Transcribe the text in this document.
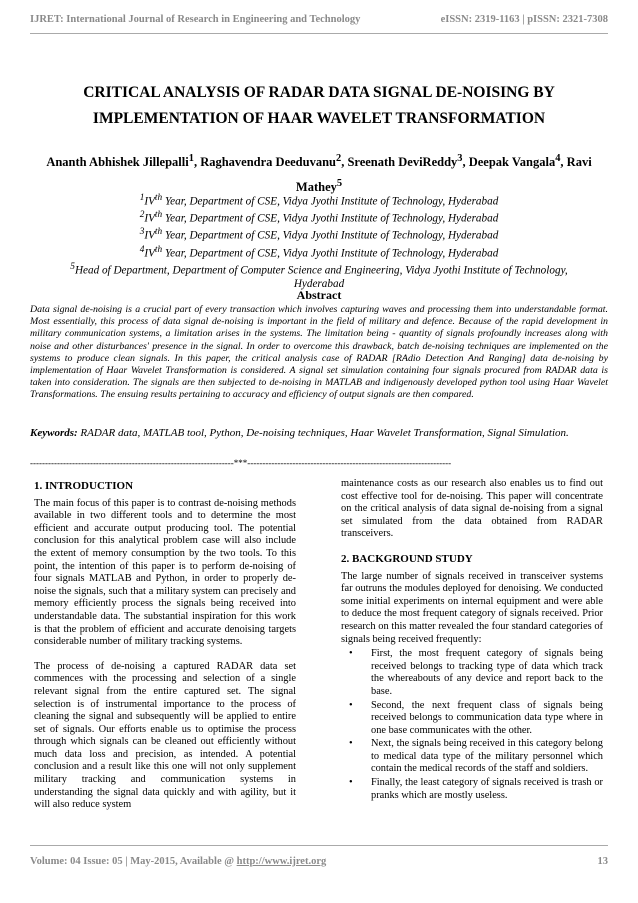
IJRET: International Journal of Research in Engineering and Technology	eISSN: 2319-1163 | pISSN: 2321-7308
CRITICAL ANALYSIS OF RADAR DATA SIGNAL DE-NOISING BY
IMPLEMENTATION OF HAAR WAVELET TRANSFORMATION
Ananth Abhishek Jillepalli$^1$, Raghavendra Deeduvanu$^2$, Sreenath DeviReddy$^3$, Deepak Vangala$^4$, Ravi Mathey$^5$
$^1$IVth Year, Department of CSE, Vidya Jyothi Institute of Technology, Hyderabad
$^2$IVth Year, Department of CSE, Vidya Jyothi Institute of Technology, Hyderabad
$^3$IVth Year, Department of CSE, Vidya Jyothi Institute of Technology, Hyderabad
$^4$IVth Year, Department of CSE, Vidya Jyothi Institute of Technology, Hyderabad
$^5$Head of Department, Department of Computer Science and Engineering, Vidya Jyothi Institute of Technology,
Hyderabad
Abstract
Data signal de-noising is a crucial part of every transaction which involves capturing waves and processing them into understandable format. Most essentially, this process of data signal de-noising is important in the field of military and defence. Because of the rapid development in military communication systems, a limitation arises in the systems. The limitation being - quantity of signals profoundly increases along with noise and other disturbances' presence in the signal. In order to overcome this drawback, batch de-noising techniques are implemented on the systems to produce clean signals. In this paper, the critical analysis case of RADAR [RAdio Detection And Ranging] data de-noising by implementation of Haar Wavelet Transformation is considered. A signal set simulation containing four signals procured from RADAR data is taken into consideration. The signals are then subjected to de-noising in MATLAB and indigenously developed python tool using Haar Wavelet Transformations. The ensuing results pertaining to accuracy and efficiency of output signals are then compared.
Keywords: RADAR data, MATLAB tool, Python, De-noising techniques, Haar Wavelet Transformation, Signal Simulation.
--------------------------------------------------------------------***--------------------------------------------------------------------
1. INTRODUCTION

The main focus of this paper is to contrast de-noising methods available in two different tools and to determine the most efficient and accurate output producing tool. The potential conclusion for this analytical problem case will also include the extent of memory consumption by the two tools. To this point, the intention of this paper is to perform de-noising of four signals MATLAB and Python, in order to properly de-noise the signals, such that a military system can precisely and memory efficiently process the signals being received into understandable data. The substantial inspiration for this work is that the problem of efficient and accurate denoising targets considerable number of military tracking systems.

The process of de-noising a captured RADAR data set commences with the processing and selection of a single relevant signal from the entire captured set. The signal selection is of instrumental importance to the process of cleaning the signal and subsequently will be applied to entire set of signals. Our efforts enable us to optimise the process through which signals can be cleaned out efficiently without much data loss and precision, as intended. A potential conclusion and a result like this one will not only supplement military tracking and communication systems in understanding the signal data quickly and with agility, but it will also reduce system

maintenance costs as our research also enables us to find out cost effective tool for de-noising. This paper will concentrate on the critical analysis of data signal de-noising from a signal set simulated from the data obtained from RADAR transceivers.

2. BACKGROUND STUDY

The large number of signals received in transceiver systems far outruns the modules deployed for denoising. We conducted some initial experiments on internal equipment and were able to deduce the most frequent category of signals received. Prior research on this matter revealed the four standard categories of signals being received frequently:

• First, the most frequent category of signals being received belongs to tracking type of data which track the whereabouts of any device and report back to the base.
• Second, the next frequent class of signals being received belongs to communication data type where in one base communicates with the other.
• Next, the signals being received in this category belong to medical data type of the military personnel which contain the medical records of the staff and soldiers.
• Finally, the least category of signals received is trash or pranks which are mostly useless.
Volume: 04 Issue: 05 | May-2015, Available @ http://www.ijret.org	13
